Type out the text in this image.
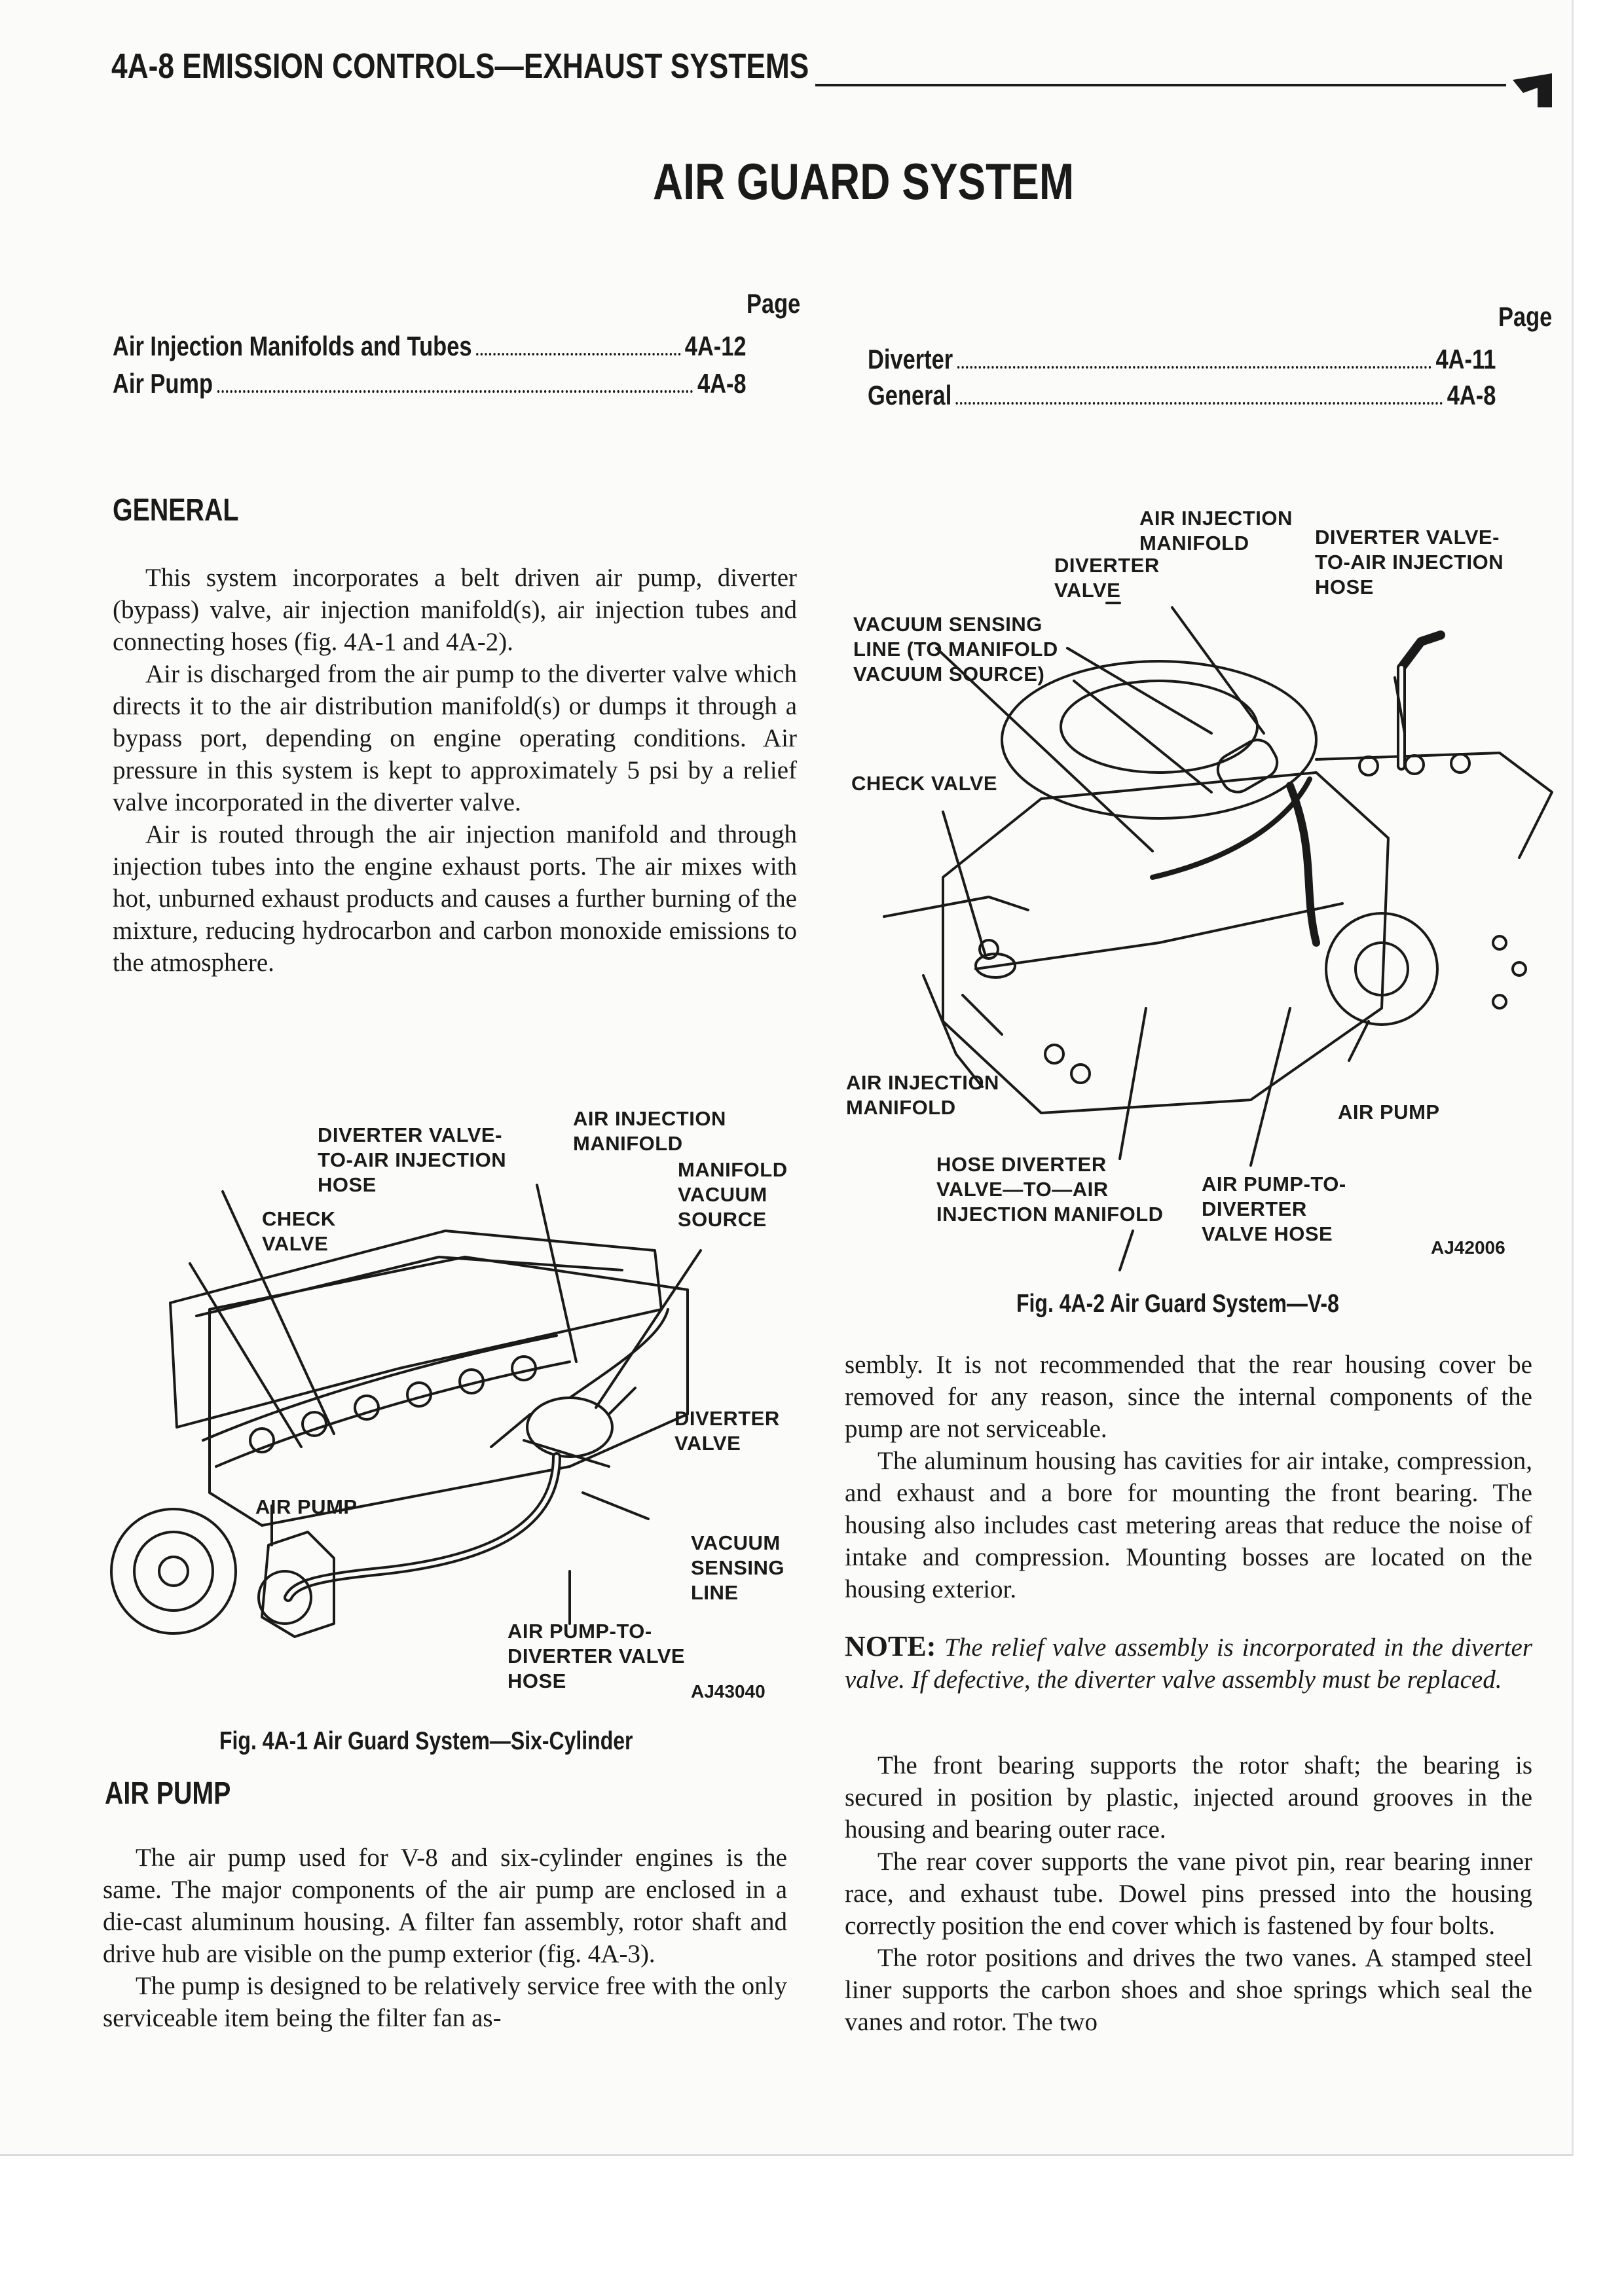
4A-8 EMISSION CONTROLS—EXHAUST SYSTEMS
AIR GUARD SYSTEM
Page	Page
Air Injection Manifolds and Tubes	4A-12
Air Pump	4A-8
Diverter	4A-11
General	4A-8
GENERAL

This system incorporates a belt driven air pump, diverter (bypass) valve, air injection manifold(s), air injection tubes and connecting hoses (fig. 4A-1 and 4A-2).

Air is discharged from the air pump to the diverter valve which directs it to the air distribution manifold(s) or dumps it through a bypass port, depending on engine operating conditions. Air pressure in this system is kept to approximately 5 psi by a relief valve incorporated in the diverter valve.

Air is routed through the air injection manifold and through injection tubes into the engine exhaust ports. The air mixes with hot, unburned exhaust products and causes a further burning of the mixture, reducing hydrocarbon and carbon monoxide emissions to the atmosphere.

DIVERTER VALVE-
TO-AIR INJECTION
HOSE
AIR INJECTION
MANIFOLD
MANIFOLD
VACUUM
SOURCE
CHECK
VALVE
DIVERTER
VALVE
AIR PUMP
VACUUM
SENSING
LINE
AIR PUMP-TO-
DIVERTER VALVE
HOSE	AJ43040
Fig. 4A-1 Air Guard System—Six-Cylinder
AIR PUMP

The air pump used for V-8 and six-cylinder engines is the same. The major components of the air pump are enclosed in a die-cast aluminum housing. A filter fan assembly, rotor shaft and drive hub are visible on the pump exterior (fig. 4A-3).

The pump is designed to be relatively service free with the only serviceable item being the filter fan as-

AIR INJECTION
MANIFOLD
DIVERTER
VALVE
DIVERTER VALVE-
TO-AIR INJECTION
HOSE
VACUUM SENSING
LINE (TO MANIFOLD
VACUUM SOURCE)
CHECK VALVE
AIR INJECTION
MANIFOLD	AIR PUMP
HOSE DIVERTER
VALVE—TO—AIR
INJECTION MANIFOLD
AIR PUMP-TO-
DIVERTER
VALVE HOSE
AJ42006
Fig. 4A-2 Air Guard System—V-8

sembly. It is not recommended that the rear housing cover be removed for any reason, since the internal components of the pump are not serviceable.

The aluminum housing has cavities for air intake, compression, and exhaust and a bore for mounting the front bearing. The housing also includes cast metering areas that reduce the noise of intake and compression. Mounting bosses are located on the housing exterior.

NOTE: The relief valve assembly is incorporated in the diverter valve. If defective, the diverter valve assembly must be replaced.

The front bearing supports the rotor shaft; the bearing is secured in position by plastic, injected around grooves in the housing and bearing outer race.

The rear cover supports the vane pivot pin, rear bearing inner race, and exhaust tube. Dowel pins pressed into the housing correctly position the end cover which is fastened by four bolts.

The rotor positions and drives the two vanes. A stamped steel liner supports the carbon shoes and shoe springs which seal the vanes and rotor. The two
